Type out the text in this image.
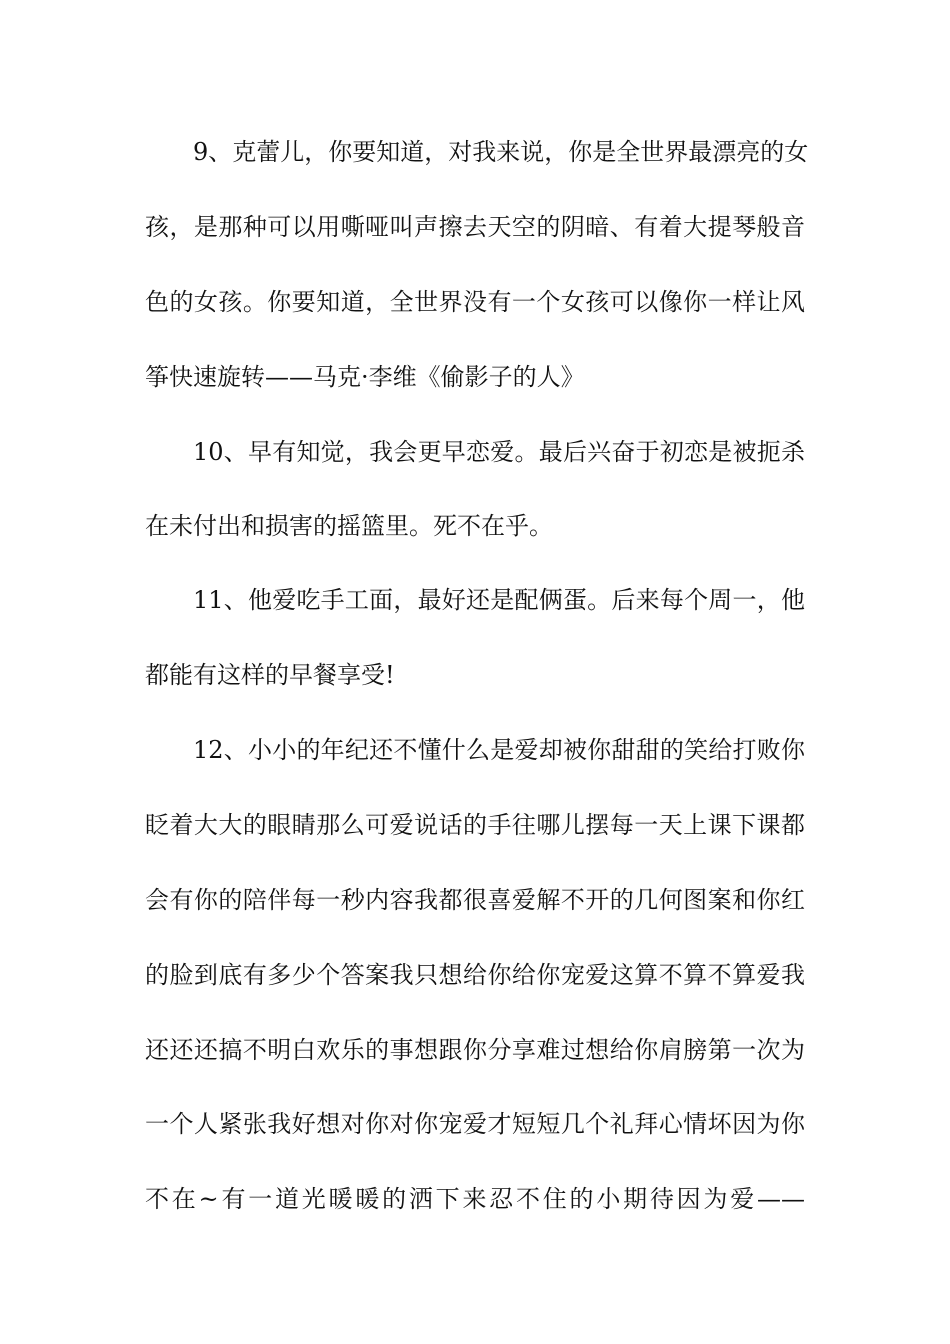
9、克蕾儿，你要知道，对我来说，你是全世界最漂亮的女
孩，是那种可以用嘶哑叫声擦去天空的阴暗、有着大提琴般音
色的女孩。你要知道，全世界没有一个女孩可以像你一样让风
筝快速旋转——马克·李维《偷影子的人》
10、早有知觉，我会更早恋爱。最后兴奋于初恋是被扼杀
在未付出和损害的摇篮里。死不在乎。
11、他爱吃手工面，最好还是配俩蛋。后来每个周一，他
都能有这样的早餐享受!
12、小小的年纪还不懂什么是爱却被你甜甜的笑给打败你
眨着大大的眼睛那么可爱说话的手往哪儿摆每一天上课下课都
会有你的陪伴每一秒内容我都很喜爱解不开的几何图案和你红
的脸到底有多少个答案我只想给你给你宠爱这算不算不算爱我
还还还搞不明白欢乐的事想跟你分享难过想给你肩膀第一次为
一个人紧张我好想对你对你宠爱才短短几个礼拜心情坏因为你
不在~有一道光暖暖的洒下来忍不住的小期待因为爱——
